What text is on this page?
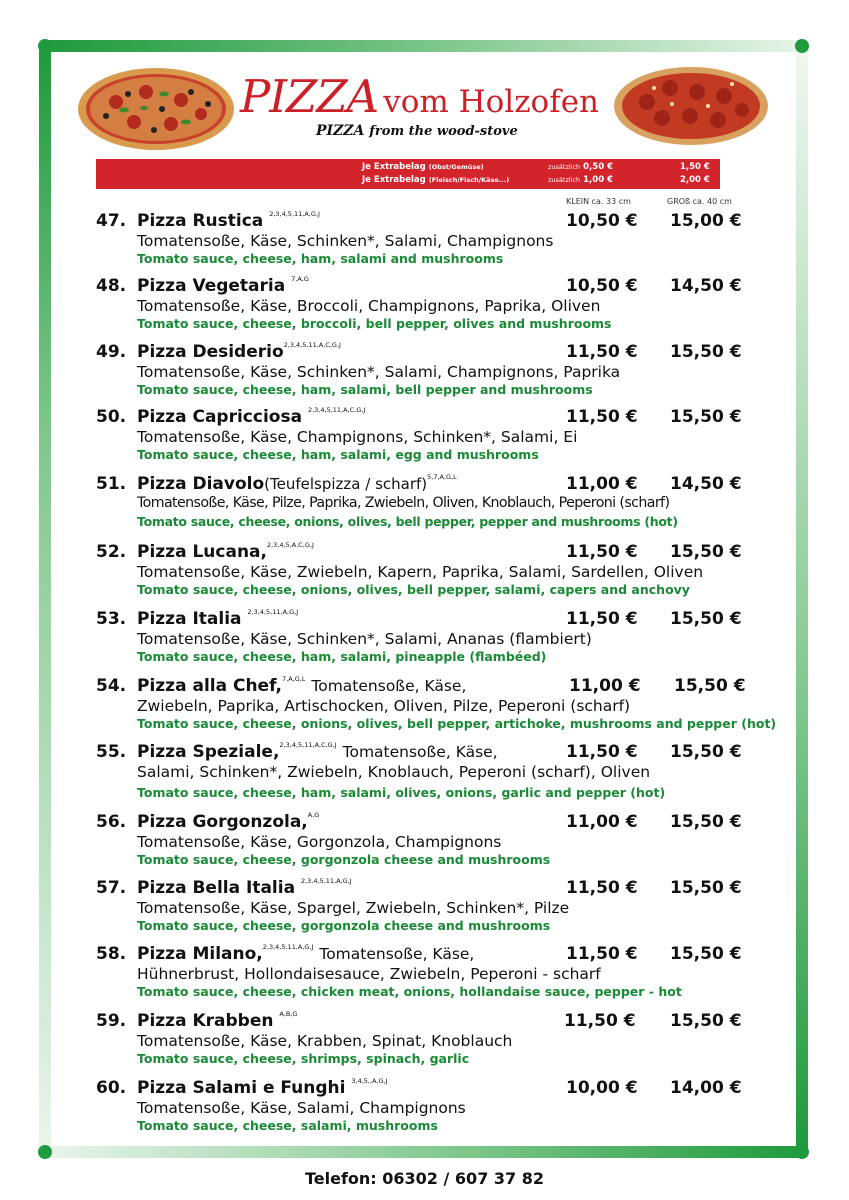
PIZZA vom Holzofen
PIZZA from the wood-stove
Je Extrabelag (Obst/Gemüse)	zusätzlich 0,50 €	1,50 €
Je Extrabelag (Fleisch/Fisch/Käse...)	zusätzlich 1,00 €	2,00 €
KLEIN ca. 33 cm	GROß ca. 40 cm
47. Pizza Rustica $^{2,3,4,5,11,A,G,J}$	10,50 € 15,00 €
Tomatensoße, Käse, Schinken*, Salami, Champignons
Tomato sauce, cheese, ham, salami and mushrooms
48. Pizza Vegetaria $^{7,A,G}$	10,50 € 14,50 €
Tomatensoße, Käse, Broccoli, Champignons, Paprika, Oliven
Tomato sauce, cheese, broccoli, bell pepper, olives and mushrooms
49. Pizza Desiderio$^{2,3,4,5,11,A,C,G,J}$	11,50 € 15,50 €
Tomatensoße, Käse, Schinken*, Salami, Champignons, Paprika
Tomato sauce, cheese, ham, salami, bell pepper and mushrooms
50. Pizza Capricciosa $^{2,3,4,5,11,A,C,G,J}$	11,50 € 15,50 €
Tomatensoße, Käse, Champignons, Schinken*, Salami, Ei
Tomato sauce, cheese, ham, salami, egg and mushrooms
51. Pizza Diavolo(Teufelspizza / scharf)$^{5,7,A,G,L}$	11,00 € 14,50 €
Tomatensoße, Käse, Pilze, Paprika, Zwiebeln, Oliven, Knoblauch, Peperoni (scharf)
Tomato sauce, cheese, onions, olives, bell pepper, pepper and mushrooms (hot)
52. Pizza Lucana,$^{2,3,4,5,A,C,G,J}$	11,50 € 15,50 €
Tomatensoße, Käse, Zwiebeln, Kapern, Paprika, Salami, Sardellen, Oliven
Tomato sauce, cheese, onions, olives, bell pepper, salami, capers and anchovy
53. Pizza Italia $^{2,3,4,5,11,A,G,J}$	11,50 € 15,50 €
Tomatensoße, Käse, Schinken*, Salami, Ananas (flambiert)
Tomato sauce, cheese, ham, salami, pineapple (flambéed)
54. Pizza alla Chef,$^{7,A,G,L}$ Tomatensoße, Käse,	11,00 € 15,50 €
Zwiebeln, Paprika, Artischocken, Oliven, Pilze, Peperoni (scharf)
Tomato sauce, cheese, onions, olives, bell pepper, artichoke, mushrooms and pepper (hot)
55. Pizza Speziale,$^{2,3,4,5,11,A,C,G,J}$ Tomatensoße, Käse,	11,50 € 15,50 €
Salami, Schinken*, Zwiebeln, Knoblauch, Peperoni (scharf), Oliven
Tomato sauce, cheese, ham, salami, olives, onions, garlic and pepper (hot)
56. Pizza Gorgonzola,$^{A,G}$	11,00 € 15,50 €
Tomatensoße, Käse, Gorgonzola, Champignons
Tomato sauce, cheese, gorgonzola cheese and mushrooms
57. Pizza Bella Italia $^{2,3,4,5,11,A,G,J}$	11,50 € 15,50 €
Tomatensoße, Käse, Spargel, Zwiebeln, Schinken*, Pilze
Tomato sauce, cheese, gorgonzola cheese and mushrooms
58. Pizza Milano,$^{2,3,4,5,11,A,G,J}$ Tomatensoße, Käse,	11,50 € 15,50 €
Hühnerbrust, Hollondaisesauce, Zwiebeln, Peperoni - scharf
Tomato sauce, cheese, chicken meat, onions, hollandaise sauce, pepper - hot
59. Pizza Krabben $^{A,B,G}$	11,50 € 15,50 €
Tomatensoße, Käse, Krabben, Spinat, Knoblauch
Tomato sauce, cheese, shrimps, spinach, garlic
60. Pizza Salami e Funghi $^{3,4,5,,A,G,J}$	10,00 € 14,00 €
Tomatensoße, Käse, Salami, Champignons
Tomato sauce, cheese, salami, mushrooms
Telefon: 06302 / 607 37 82
